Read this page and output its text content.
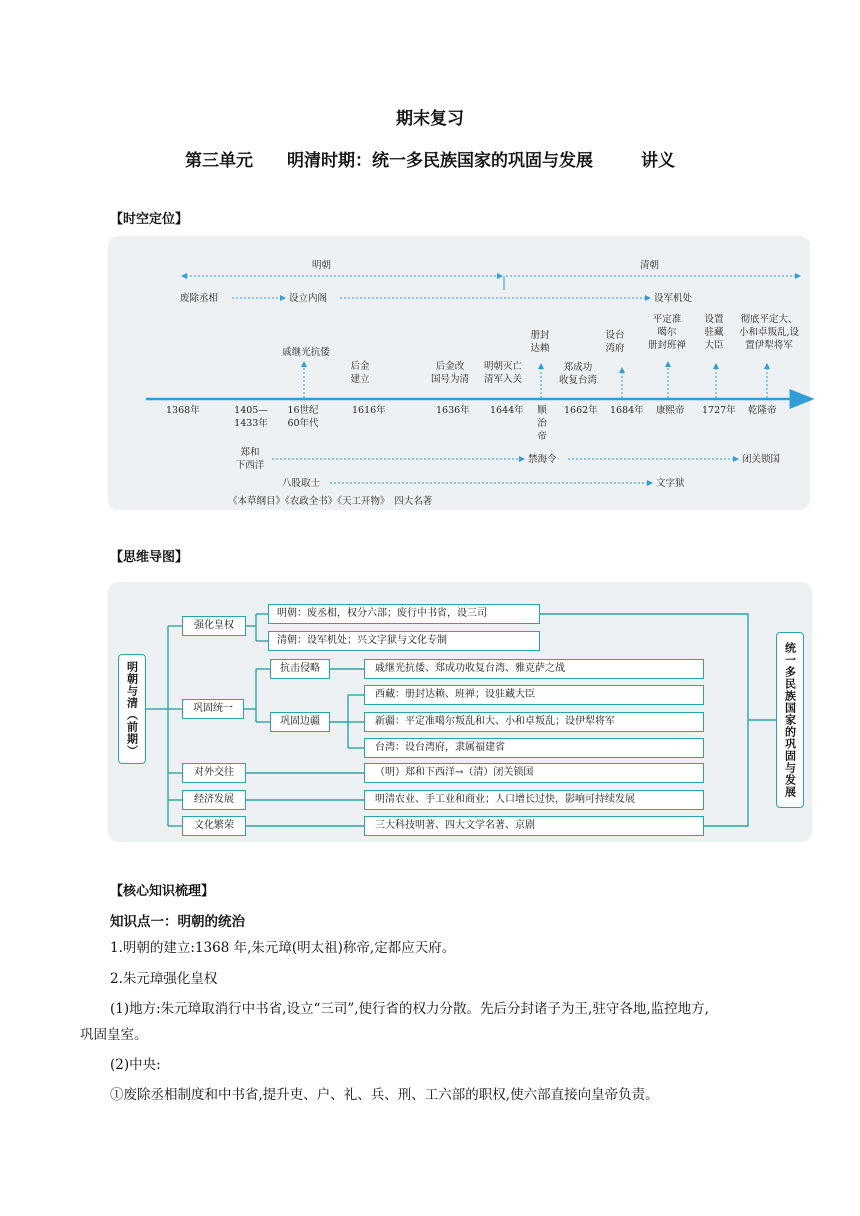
期末复习
第三单元 明清时期：统一多民族国家的巩固与发展	讲义
【时空定位】
明朝	清朝
废除丞相	设立内阁	设军机处
戚继光抗倭
后金
建立
后金改
国号为清
明朝灭亡
清军入关
册封
达赖
郑成功
收复台湾
设台
湾府
平定准
噶尔
册封班禅
设置
驻藏
大臣
彻底平定大、
小和卓叛乱,设
置伊犁将军
1368年	1405—
1433年
16世纪
60年代
1616年	1636年 1644年	顺
治
帝
1662年 1684年 康熙帝 1727年 乾隆帝
郑和
下西洋
禁海令	闭关锁国
八股取士	文字狱
《本草纲目》《农政全书》《天工开物》　四大名著
【思维导图】
明朝与清（前期）	统一多民族国家的巩固与发展
强化皇权
巩固统一
对外交往
经济发展
文化繁荣
抗击侵略
巩固边疆
明朝：废丞相，权分六部；废行中书省，设三司
清朝：设军机处；兴文字狱与文化专制
戚继光抗倭、郑成功收复台湾、雅克萨之战
西藏：册封达赖、班禅；设驻藏大臣
新疆：平定准噶尔叛乱和大、小和卓叛乱；设伊犁将军
台湾：设台湾府，隶属福建省
（明）郑和下西洋→（清）闭关锁国
明清农业、手工业和商业；人口增长过快，影响可持续发展
三大科技明著、四大文学名著、京剧
【核心知识梳理】
知识点一：明朝的统治
1.明朝的建立:1368 年,朱元璋(明太祖)称帝,定都应天府。
2.朱元璋强化皇权
(1)地方:朱元璋取消行中书省,设立“三司”,使行省的权力分散。先后分封诸子为王,驻守各地,监控地方,
巩固皇室。
(2)中央:
①废除丞相制度和中书省,提升吏、户、礼、兵、刑、工六部的职权,使六部直接向皇帝负责。
